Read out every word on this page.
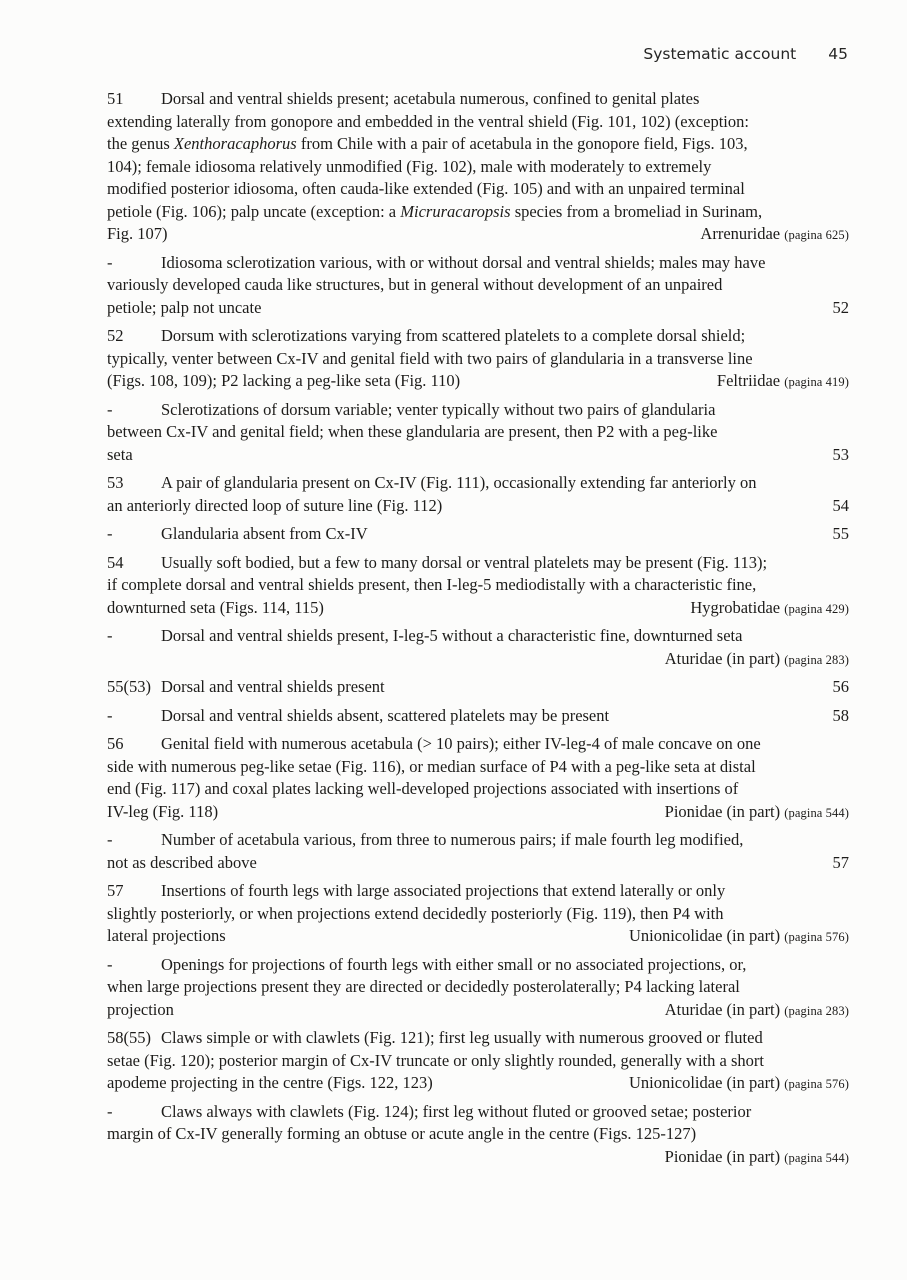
Systematic account 45
51 Dorsal and ventral shields present; acetabula numerous, confined to genital plates
extending laterally from gonopore and embedded in the ventral shield (Fig. 101, 102) (exception:
the genus Xenthoracaphorus from Chile with a pair of acetabula in the gonopore field, Figs. 103,
104); female idiosoma relatively unmodified (Fig. 102), male with moderately to extremely
modified posterior idiosoma, often cauda-like extended (Fig. 105) and with an unpaired terminal
petiole (Fig. 106); palp uncate (exception: a Micruracaropsis species from a bromeliad in Surinam,
Fig. 107)	Arrenuridae (pagina 625)
-	Idiosoma sclerotization various, with or without dorsal and ventral shields; males may have
variously developed cauda like structures, but in general without development of an unpaired
petiole; palp not uncate	52
52 Dorsum with sclerotizations varying from scattered platelets to a complete dorsal shield;
typically, venter between Cx-IV and genital field with two pairs of glandularia in a transverse line
(Figs. 108, 109); P2 lacking a peg-like seta (Fig. 110)	Feltriidae (pagina 419)
-	Sclerotizations of dorsum variable; venter typically without two pairs of glandularia
between Cx-IV and genital field; when these glandularia are present, then P2 with a peg-like
seta	53
53 A pair of glandularia present on Cx-IV (Fig. 111), occasionally extending far anteriorly on
an anteriorly directed loop of suture line (Fig. 112)	54
-	Glandularia absent from Cx-IV	55
54 Usually soft bodied, but a few to many dorsal or ventral platelets may be present (Fig. 113);
if complete dorsal and ventral shields present, then I-leg-5 mediodistally with a characteristic fine,
downturned seta (Figs. 114, 115)	Hygrobatidae (pagina 429)
-	Dorsal and ventral shields present, I-leg-5 without a characteristic fine, downturned seta
Aturidae (in part) (pagina 283)
55(53) Dorsal and ventral shields present	56
-	Dorsal and ventral shields absent, scattered platelets may be present	58
56 Genital field with numerous acetabula (> 10 pairs); either IV-leg-4 of male concave on one
side with numerous peg-like setae (Fig. 116), or median surface of P4 with a peg-like seta at distal
end (Fig. 117) and coxal plates lacking well-developed projections associated with insertions of
IV-leg (Fig. 118)	Pionidae (in part) (pagina 544)
-	Number of acetabula various, from three to numerous pairs; if male fourth leg modified,
not as described above	57
57 Insertions of fourth legs with large associated projections that extend laterally or only
slightly posteriorly, or when projections extend decidedly posteriorly (Fig. 119), then P4 with
lateral projections	Unionicolidae (in part) (pagina 576)
-	Openings for projections of fourth legs with either small or no associated projections, or,
when large projections present they are directed or decidedly posterolaterally; P4 lacking lateral
projection	Aturidae (in part) (pagina 283)
58(55) Claws simple or with clawlets (Fig. 121); first leg usually with numerous grooved or fluted
setae (Fig. 120); posterior margin of Cx-IV truncate or only slightly rounded, generally with a short
apodeme projecting in the centre (Figs. 122, 123)	Unionicolidae (in part) (pagina 576)
-	Claws always with clawlets (Fig. 124); first leg without fluted or grooved setae; posterior
margin of Cx-IV generally forming an obtuse or acute angle in the centre (Figs. 125-127)
Pionidae (in part) (pagina 544)
